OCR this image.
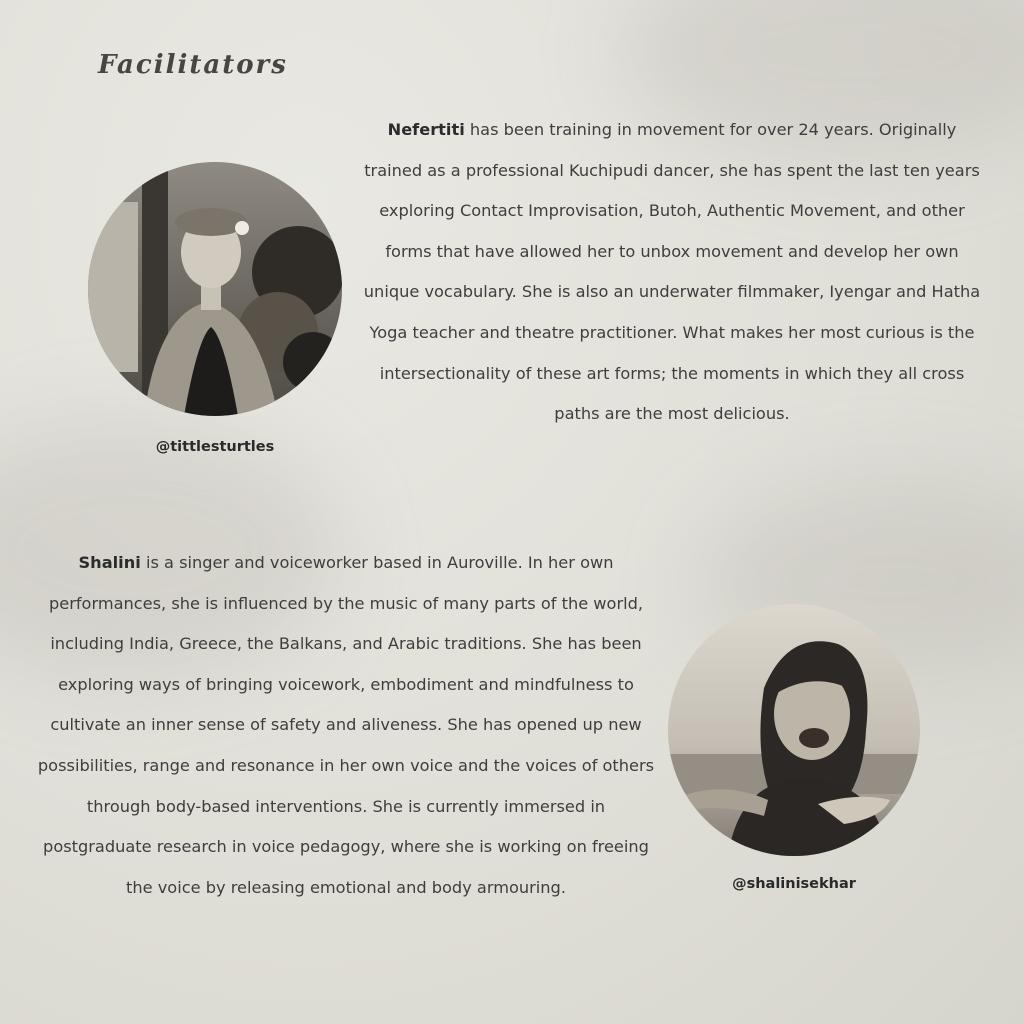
Facilitators

Nefertiti has been training in movement for over 24 years. Originally trained as a professional Kuchipudi dancer, she has spent the last ten years exploring Contact Improvisation, Butoh, Authentic Movement, and other forms that have allowed her to unbox movement and develop her own unique vocabulary. She is also an underwater filmmaker, Iyengar and Hatha Yoga teacher and theatre practitioner. What makes her most curious is the intersectionality of these art forms; the moments in which they all cross paths are the most delicious.

@tittlesturtles

Shalini is a singer and voiceworker based in Auroville. In her own performances, she is influenced by the music of many parts of the world, including India, Greece, the Balkans, and Arabic traditions. She has been exploring ways of bringing voicework, embodiment and mindfulness to cultivate an inner sense of safety and aliveness. She has opened up new possibilities, range and resonance in her own voice and the voices of others through body-based interventions. She is currently immersed in postgraduate research in voice pedagogy, where she is working on freeing the voice by releasing emotional and body armouring.	@shalinisekhar
